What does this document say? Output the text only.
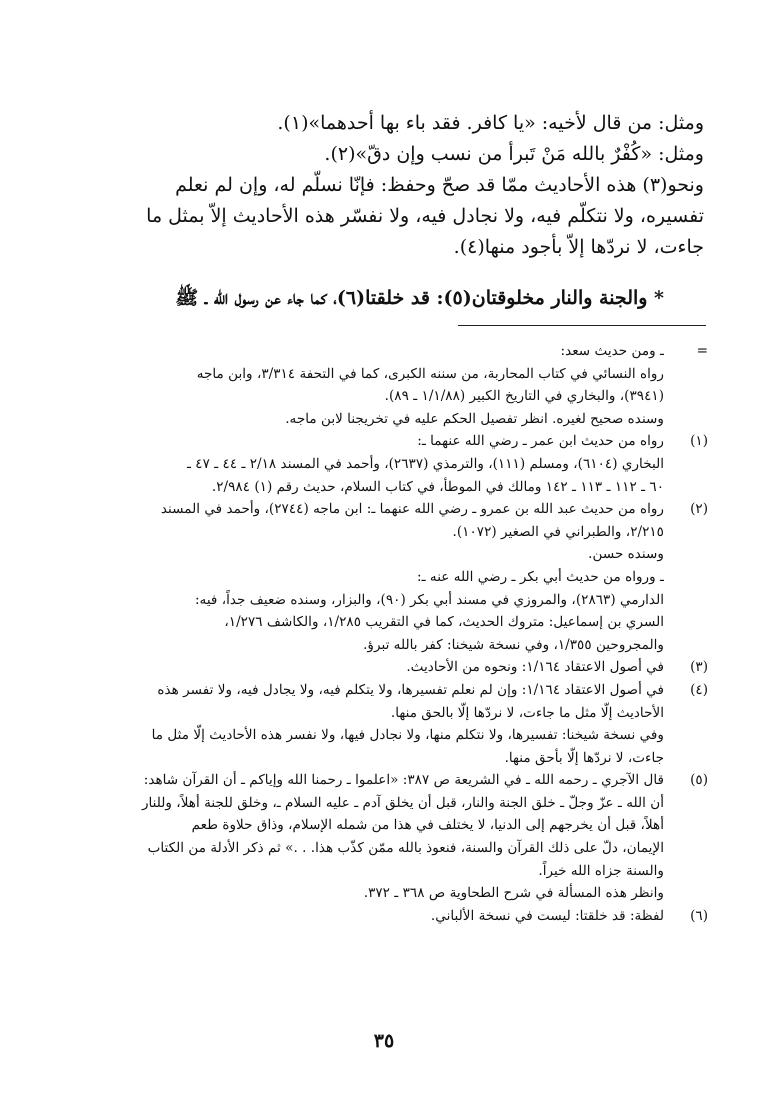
ومثل: من قال لأخيه: «يا كافر. فقد باء بها أحدهما»(١).

ومثل: «كُفْرٌ بالله مَنْ تَبرأ من نسب وإن دقّ»(٢).

ونحو(٣) هذه الأحاديث ممّا قد صحّ وحفظ: فإنّا نسلّم له، وإن لم نعلم

تفسيره، ولا نتكلّم فيه، ولا نجادل فيه، ولا نفسّر هذه الأحاديث إلاّ بمثل ما

جاءت، لا نردّها إلاّ بأجود منها(٤).

* والجنة والنار مخلوقتان(٥): قد خلقتا(٦)، كما جاء عن رسول الله ـ ﷺ
=
ـ ومن حديث سعد:
رواه النسائي في كتاب المحاربة، من سننه الكبرى، كما في التحفة ٣/٣١٤، وابن ماجه
(٣٩٤١)، والبخاري في التاريخ الكبير (١/١/٨٨ ـ ٨٩).
وسنده صحيح لغيره. انظر تفصيل الحكم عليه في تخريجنا لابن ماجه.
(١)
رواه من حديث ابن عمر ـ رضي الله عنهما ـ:
البخاري (٦١٠٤)، ومسلم (١١١)، والترمذي (٢٦٣٧)، وأحمد في المسند ٢/١٨ ـ ٤٤ ـ ٤٧ ـ
٦٠ ـ ١١٢ ـ ١١٣ ـ ١٤٢ ومالك في الموطأ، في كتاب السلام، حديث رقم (١) ٢/٩٨٤.
(٢)
رواه من حديث عبد الله بن عمرو ـ رضي الله عنهما ـ: ابن ماجه (٢٧٤٤)، وأحمد في المسند
٢/٢١٥، والطبراني في الصغير (١٠٧٢).
وسنده حسن.
ـ ورواه من حديث أبي بكر ـ رضي الله عنه ـ:
الدارمي (٢٨٦٣)، والمروزي في مسند أبي بكر (٩٠)، والبزار، وسنده ضعيف جداً، فيه:
السري بن إسماعيل: متروك الحديث، كما في التقريب ١/٢٨٥، والكاشف ١/٢٧٦،
والمجروحين ١/٣٥٥، وفي نسخة شيخنا: كفر بالله تبرؤ.
(٣)
في أصول الاعتقاد ١/١٦٤: ونحوه من الأحاديث.
(٤)
في أصول الاعتقاد ١/١٦٤: وإن لم نعلم تفسيرها، ولا يتكلم فيه، ولا يجادل فيه، ولا تفسر هذه
الأحاديث إلّا مثل ما جاءت، لا نردّها إلّا بالحق منها.
وفي نسخة شيخنا: تفسيرها، ولا نتكلم منها، ولا نجادل فيها، ولا نفسر هذه الأحاديث إلّا مثل ما
جاءت، لا نردّها إلّا بأحق منها.
(٥)
قال الآجري ـ رحمه الله ـ في الشريعة ص ٣٨٧: «اعلموا ـ رحمنا الله وإياكم ـ أن القرآن شاهد:
أن الله ـ عزّ وجلّ ـ خلق الجنة والنار، قبل أن يخلق آدم ـ عليه السلام ـ، وخلق للجنة أهلاً، وللنار
أهلاً، قبل أن يخرجهم إلى الدنيا، لا يختلف في هذا من شمله الإسلام، وذاق حلاوة طعم
الإيمان، دلّ على ذلك القرآن والسنة، فنعوذ بالله ممّن كذّب هذا. . .» ثم ذكر الأدلة من الكتاب
والسنة جزاه الله خيراً.
وانظر هذه المسألة في شرح الطحاوية ص ٣٦٨ ـ ٣٧٢.
(٦)
لفظة: قد خلقتا: ليست في نسخة الألباني.
٣٥
